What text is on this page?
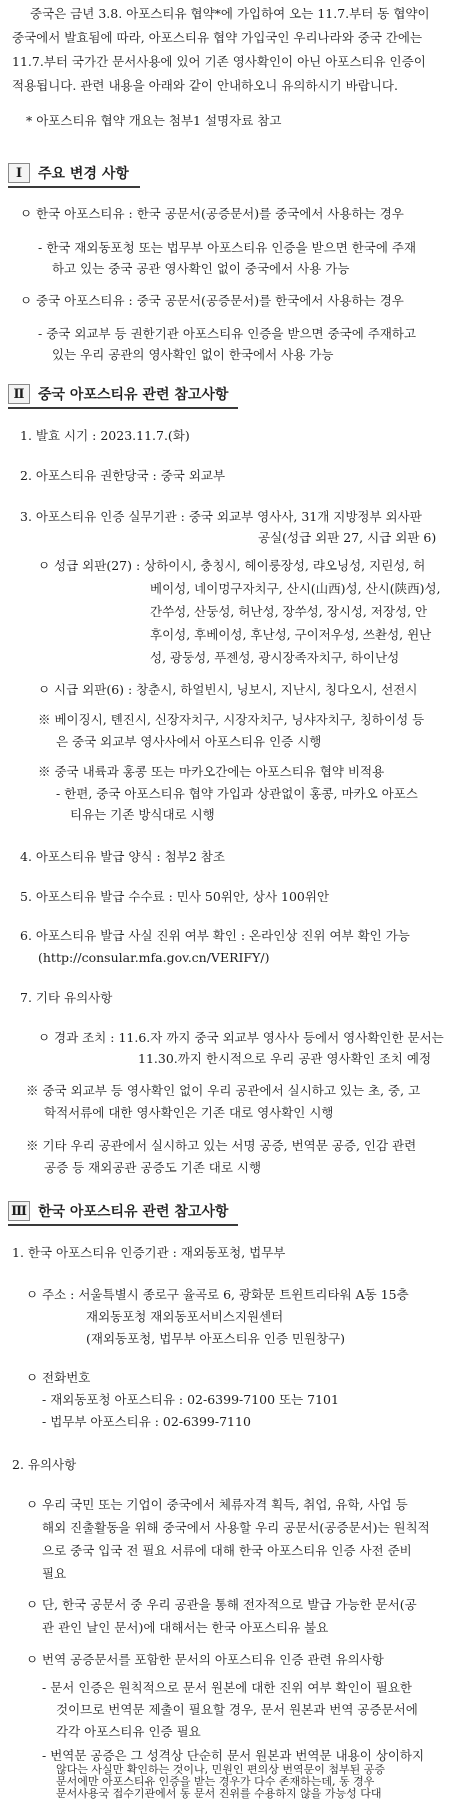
중국은 금년 3.8. 아포스티유 협약*에 가입하여 오는 11.7.부터 동 협약이
중국에서 발효됨에 따라, 아포스티유 협약 가입국인 우리나라와 중국 간에는
11.7.부터 국가간 문서사용에 있어 기존 영사확인이 아닌 아포스티유 인증이
적용됩니다. 관련 내용을 아래와 같이 안내하오니 유의하시기 바랍니다.
* 아포스티유 협약 개요는 첨부1 설명자료 참고
Ⅰ	주요 변경 사항
ㅇ 한국 아포스티유 : 한국 공문서(공증문서)를 중국에서 사용하는 경우
- 한국 재외동포청 또는 법무부 아포스티유 인증을 받으면 한국에 주재
하고 있는 중국 공관 영사확인 없이 중국에서 사용 가능
ㅇ 중국 아포스티유 : 중국 공문서(공증문서)를 한국에서 사용하는 경우
- 중국 외교부 등 권한기관 아포스티유 인증을 받으면 중국에 주재하고
있는 우리 공관의 영사확인 없이 한국에서 사용 가능
Ⅱ 중국 아포스티유 관련 참고사항
1. 발효 시기 : 2023.11.7.(화)
2. 아포스티유 권한당국 : 중국 외교부
3. 아포스티유 인증 실무기관 : 중국 외교부 영사사, 31개 지방정부 외사판
공실(성급 외판 27, 시급 외판 6)
ㅇ 성급 외판(27) : 상하이시, 충칭시, 헤이룽장성, 랴오닝성, 지린성, 허
베이성, 네이멍구자치구, 산시(山西)성, 산시(陕西)성,
간쑤성, 산둥성, 허난성, 장쑤성, 장시성, 저장성, 안
후이성, 후베이성, 후난성, 구이저우성, 쓰촨성, 윈난
성, 광둥성, 푸젠성, 광시장족자치구, 하이난성
ㅇ 시급 외판(6) : 창춘시, 하얼빈시, 닝보시, 지난시, 칭다오시, 선전시
※ 베이징시, 톈진시, 신장자치구, 시장자치구, 닝샤자치구, 칭하이성 등
은 중국 외교부 영사사에서 아포스티유 인증 시행
※ 중국 내륙과 홍콩 또는 마카오간에는 아포스티유 협약 비적용
- 한편, 중국 아포스티유 협약 가입과 상관없이 홍콩, 마카오 아포스
티유는 기존 방식대로 시행
4. 아포스티유 발급 양식 : 첨부2 참조
5. 아포스티유 발급 수수료 : 민사 50위안, 상사 100위안
6. 아포스티유 발급 사실 진위 여부 확인 : 온라인상 진위 여부 확인 가능
(http://consular.mfa.gov.cn/VERIFY/)
7. 기타 유의사항
ㅇ 경과 조치 : 11.6.자 까지 중국 외교부 영사사 등에서 영사확인한 문서는
11.30.까지 한시적으로 우리 공관 영사확인 조치 예정
※ 중국 외교부 등 영사확인 없이 우리 공관에서 실시하고 있는 초, 중, 고
학적서류에 대한 영사확인은 기존 대로 영사확인 시행
※ 기타 우리 공관에서 실시하고 있는 서명 공증, 번역문 공증, 인감 관련
공증 등 재외공관 공증도 기존 대로 시행
Ⅲ 한국 아포스티유 관련 참고사항
1. 한국 아포스티유 인증기관 : 재외동포청, 법무부
ㅇ 주소 : 서울특별시 종로구 율곡로 6, 광화문 트윈트리타워 A동 15층
재외동포청 재외동포서비스지원센터
(재외동포청, 법무부 아포스티유 인증 민원창구)
ㅇ 전화번호
- 재외동포청 아포스티유 : 02-6399-7100 또는 7101
- 법무부 아포스티유 : 02-6399-7110
2. 유의사항
ㅇ 우리 국민 또는 기업이 중국에서 체류자격 획득, 취업, 유학, 사업 등
해외 진출활동을 위해 중국에서 사용할 우리 공문서(공증문서)는 원칙적
으로 중국 입국 전 필요 서류에 대해 한국 아포스티유 인증 사전 준비
필요
ㅇ 단, 한국 공문서 중 우리 공관을 통해 전자적으로 발급 가능한 문서(공
관 관인 날인 문서)에 대해서는 한국 아포스티유 불요
ㅇ 번역 공증문서를 포함한 문서의 아포스티유 인증 관련 유의사항
- 문서 인증은 원칙적으로 문서 원본에 대한 진위 여부 확인이 필요한
것이므로 번역문 제출이 필요할 경우, 문서 원본과 번역 공증문서에
각각 아포스티유 인증 필요
- 번역문 공증은 그 성격상 단순히 문서 원본과 번역문 내용이 상이하지
않다는 사실만 확인하는 것이나, 민원인 편의상 번역문이 첨부된 공증
문서에만 아포스티유 인증을 받는 경우가 다수 존재하는데, 동 경우
문서사용국 접수기관에서 동 문서 진위를 수용하지 않을 가능성 다대
